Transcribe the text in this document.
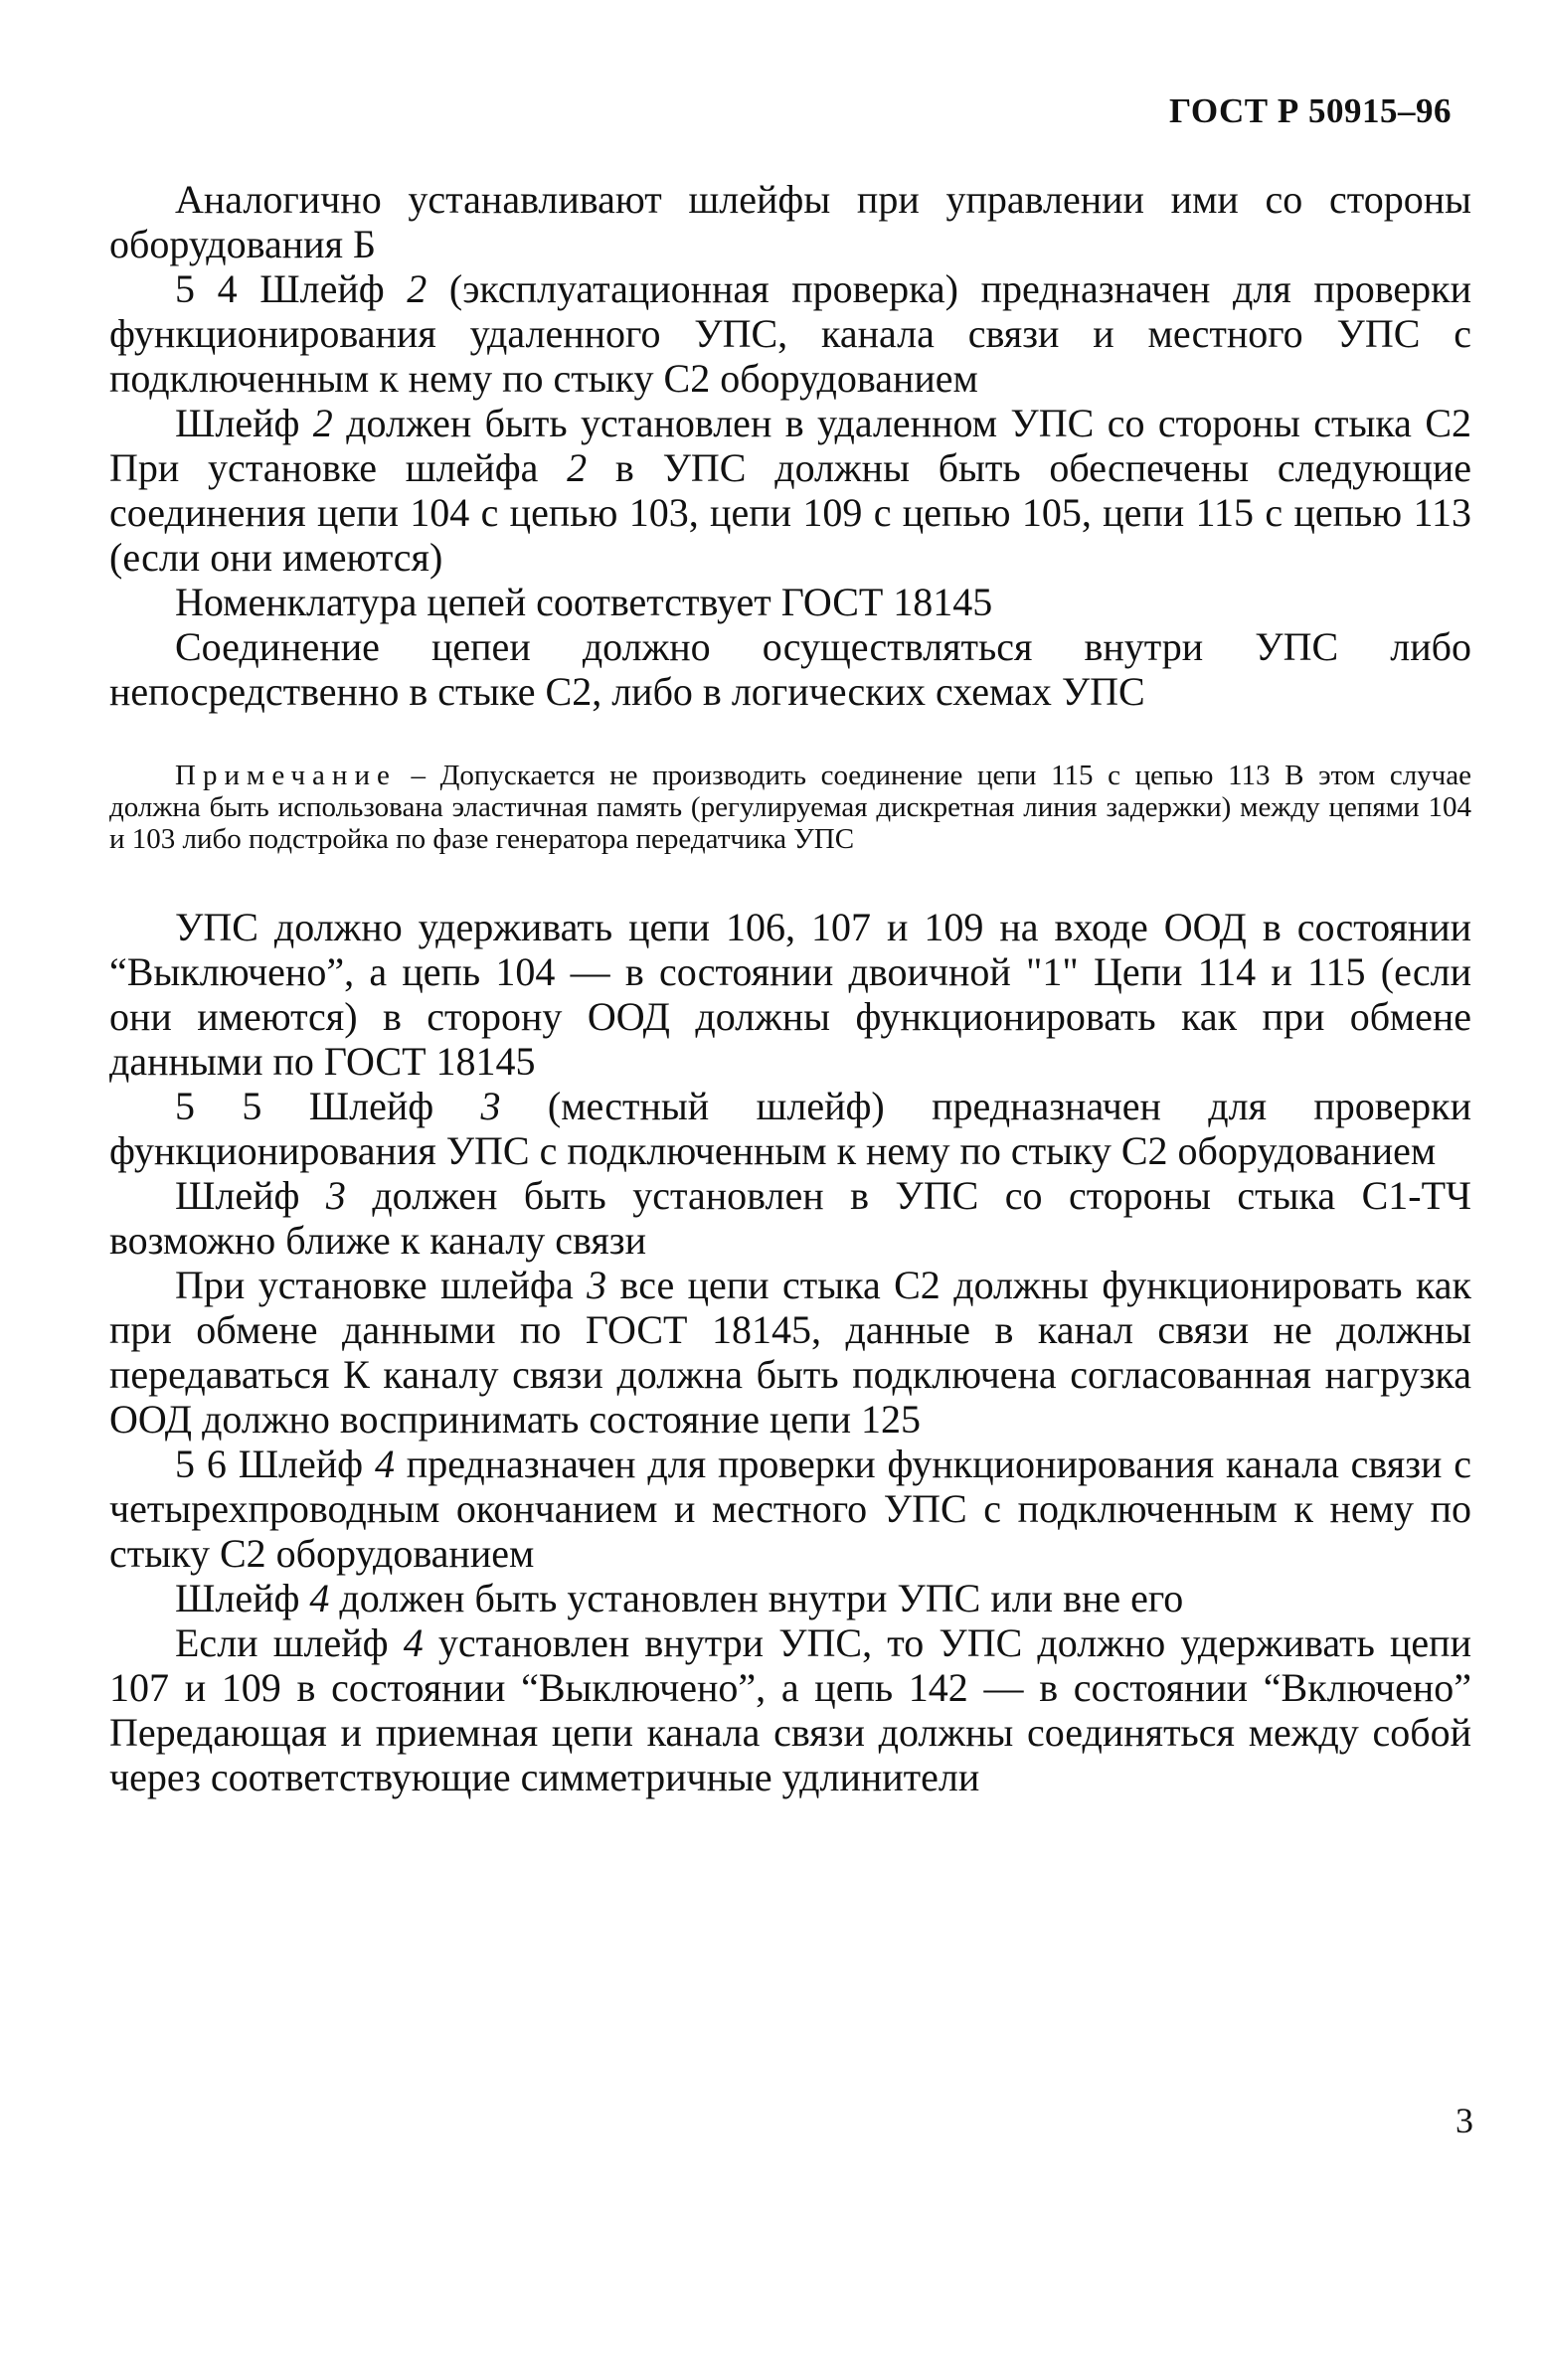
ГОСТ Р 50915–96

Аналогично устанавливают шлейфы при управлении ими со стороны оборудования Б

5 4 Шлейф 2 (эксплуатационная проверка) предназначен для проверки функционирования удаленного УПС, канала связи и местного УПС с подключенным к нему по стыку С2 оборудованием

Шлейф 2 должен быть установлен в удаленном УПС со стороны стыка С2 При установке шлейфа 2 в УПС должны быть обеспечены следующие соединения цепи 104 с цепью 103, цепи 109 с цепью 105, цепи 115 с цепью 113 (если они имеются)

Номенклатура цепей соответствует ГОСТ 18145

Соединение цепеи должно осуществляться внутри УПС либо непосредственно в стыке С2, либо в логических схемах УПС

Примечание – Допускается не производить соединение цепи 115 с цепью 113 В этом случае должна быть использована эластичная память (регулируемая дискретная линия задержки) между цепями 104 и 103 либо подстройка по фазе генератора передатчика УПС

УПС должно удерживать цепи 106, 107 и 109 на входе ООД в состоянии “Выключено”, а цепь 104 — в состоянии двоичной "1" Цепи 114 и 115 (если они имеются) в сторону ООД должны функционировать как при обмене данными по ГОСТ 18145

5 5 Шлейф 3 (местный шлейф) предназначен для проверки функционирования УПС с подключенным к нему по стыку С2 оборудованием

Шлейф 3 должен быть установлен в УПС со стороны стыка С1-ТЧ возможно ближе к каналу связи

При установке шлейфа 3 все цепи стыка С2 должны функционировать как при обмене данными по ГОСТ 18145, данные в канал связи не должны передаваться К каналу связи должна быть подключена согласованная нагрузка ООД должно воспринимать состояние цепи 125

5 6 Шлейф 4 предназначен для проверки функционирования канала связи с четырехпроводным окончанием и местного УПС с подключенным к нему по стыку С2 оборудованием

Шлейф 4 должен быть установлен внутри УПС или вне его

Если шлейф 4 установлен внутри УПС, то УПС должно удерживать цепи 107 и 109 в состоянии “Выключено”, а цепь 142 — в состоянии “Включено” Передающая и приемная цепи канала связи должны соединяться между собой через соответствующие симметричные удлинители

3
